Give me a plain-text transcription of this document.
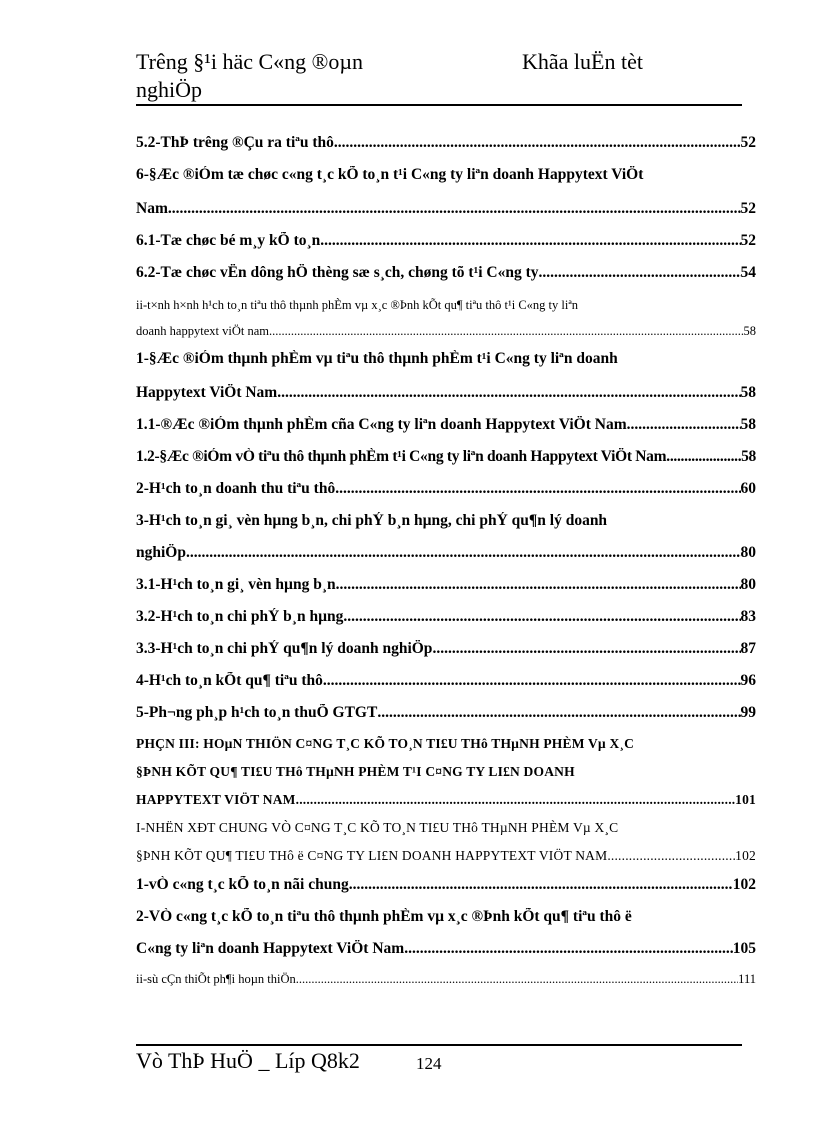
Trêng §¹i häc C«ng ®oµn	Khãa luËn tèt
nghiÖp
5.2-ThÞ trêng ®Çu ra tiªu thô .....	52
6-§Æc ®iÓm tæ chøc c«ng t¸c kÕ to¸n t¹i C«ng ty liªn doanh Happytext ViÖt
Nam .....	52
6.1-Tæ chøc bé m¸y kÕ to¸n .....	52
6.2-Tæ chøc vËn dông hÖ thèng sæ s¸ch, chøng tõ t¹i C«ng ty .....	54
ii-t×nh h×nh h¹ch to¸n tiªu thô thµnh phÈm vµ x¸c ®Þnh kÕt qu¶ tiªu thô t¹i C«ng ty liªn
doanh happytext viÖt nam .....	58
1-§Æc ®iÓm thµnh phÈm vµ tiªu thô thµnh phÈm t¹i C«ng ty liªn doanh
Happytext ViÖt Nam .....	58
1.1-®Æc ®iÓm thµnh phÈm cña C«ng ty liªn doanh Happytext ViÖt Nam .....	58
1.2-§Æc ®iÓm vÒ tiªu thô thµnh phÈm t¹i C«ng ty liªn doanh Happytext ViÖt Nam .....	58
2-H¹ch to¸n doanh thu tiªu thô .....	60
3-H¹ch to¸n gi¸ vèn hµng b¸n, chi phÝ b¸n hµng, chi phÝ qu¶n lý doanh
nghiÖp .....	80
3.1-H¹ch to¸n gi¸ vèn hµng b¸n .....	80
3.2-H¹ch to¸n chi phÝ b¸n hµng .....	83
3.3-H¹ch to¸n chi phÝ qu¶n lý doanh nghiÖp .....	87
4-H¹ch to¸n kÕt qu¶ tiªu thô .....	96
5-Ph¬ng ph¸p h¹ch to¸n thuÕ GTGT .....	99
PHÇN III: HOµN THIÖN C¤NG T¸C KÕ TO¸N TI£U THô THµNH PHÈM Vµ X¸C
§ÞNH KÕT QU¶ TI£U THô THµNH PHÈM T¹I C¤NG TY LI£N DOANH
HAPPYTEXT VIÖT NAM .....	101
I-NHËN XÐT CHUNG VÒ C¤NG T¸C KÕ TO¸N TI£U THô THµNH PHÈM Vµ X¸C
§ÞNH KÕT QU¶ TI£U THô ë C¤NG TY LI£N DOANH HAPPYTEXT VIÖT NAM .....	102
1-vÒ c«ng t¸c kÕ to¸n nãi chung .....	102
2-VÒ c«ng t¸c kÕ to¸n tiªu thô thµnh phÈm vµ x¸c ®Þnh kÕt qu¶ tiªu thô ë
C«ng ty liªn doanh Happytext ViÖt Nam .....	105
ii-sù cÇn thiÕt ph¶i hoµn thiÖn .....	111
Vò ThÞ HuÖ _ Líp Q8k2	124
